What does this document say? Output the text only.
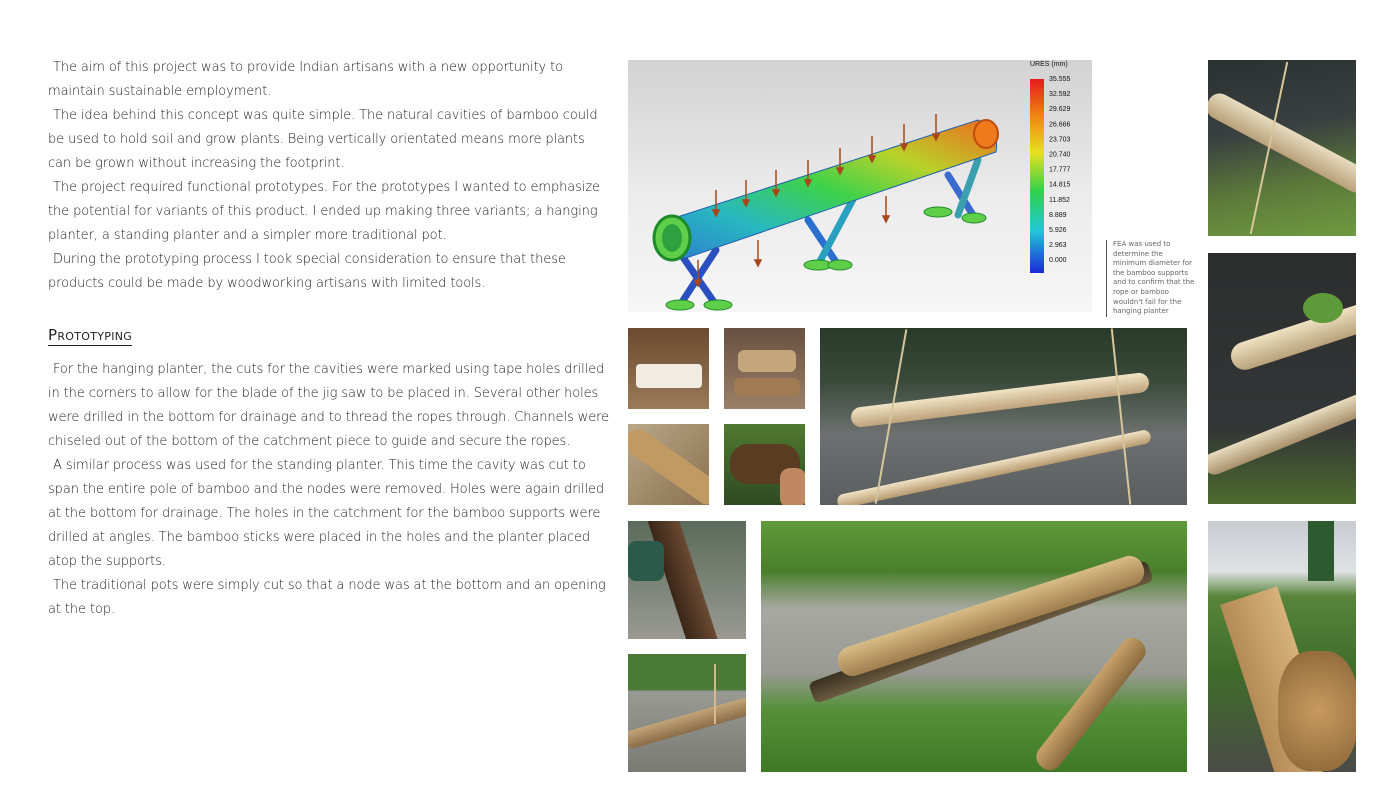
The aim of this project was to provide Indian artisans with a new opportunity to maintain sustainable employment.

The idea behind this concept was quite simple. The natural cavities of bamboo could be used to hold soil and grow plants. Being vertically orientated means more plants can be grown without increasing the footprint.

The project required functional prototypes. For the prototypes I wanted to emphasize the potential for variants of this product. I ended up making three variants; a hanging planter, a standing planter and a simpler more traditional pot.

During the prototyping process I took special consideration to ensure that these products could be made by woodworking artisans with limited tools.

Prototyping

For the hanging planter, the cuts for the cavities were marked using tape holes drilled in the corners to allow for the blade of the jig saw to be placed in. Several other holes were drilled in the bottom for drainage and to thread the ropes through. Channels were chiseled out of the bottom of the catchment piece to guide and secure the ropes.

A similar process was used for the standing planter. This time the cavity was cut to span the entire pole of bamboo and the nodes were removed. Holes were again drilled at the bottom for drainage. The holes in the catchment for the bamboo supports were drilled at angles. The bamboo sticks were placed in the holes and the planter placed atop the supports.

The traditional pots were simply cut so that a node was at the bottom and an opening at the top.

URES (mm)
35.555
32.592
29.629
26.666
23.703
20.740
17.777
14.815
11.852
8.889
5.926
2.963
0.000
FEA was used to determine the minimum diameter for the bamboo supports and to confirm that the rope or bamboo wouldn't fail for the hanging planter
